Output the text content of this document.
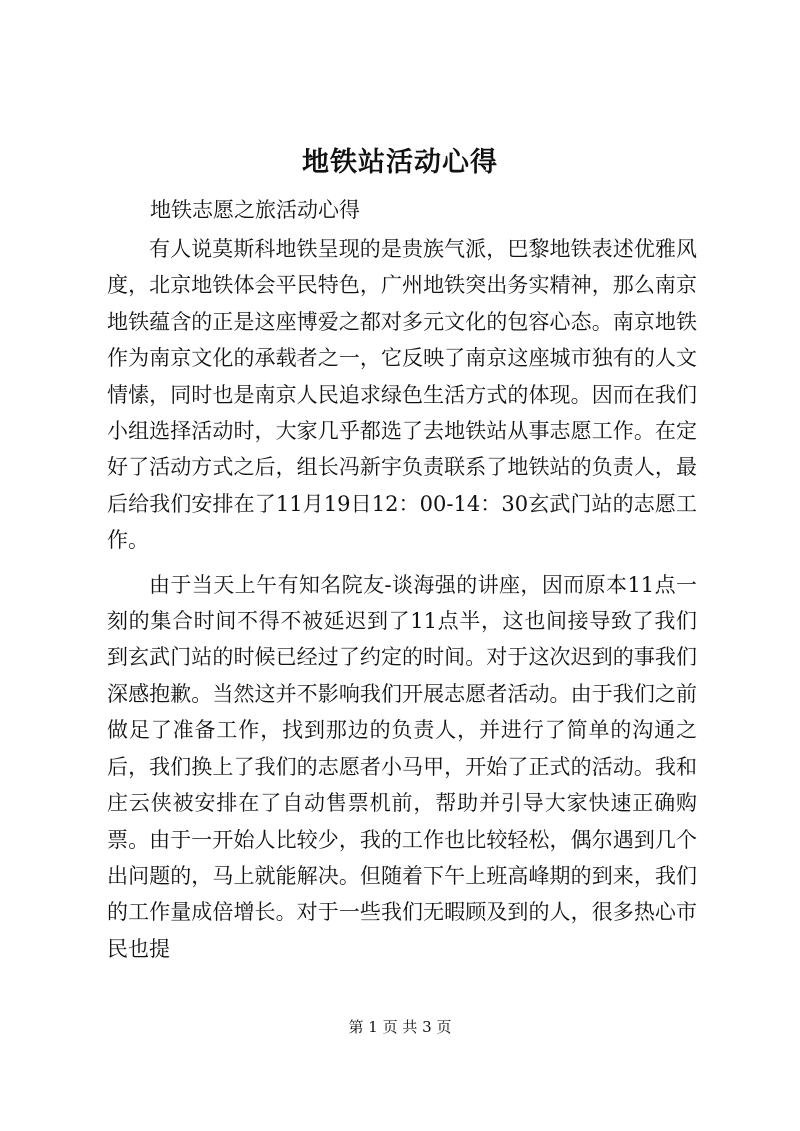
地铁站活动心得
地铁志愿之旅活动心得

有人说莫斯科地铁呈现的是贵族气派，巴黎地铁表述优雅风度，北京地铁体会平民特色，广州地铁突出务实精神，那么南京地铁蕴含的正是这座博爱之都对多元文化的包容心态。南京地铁作为南京文化的承载者之一，它反映了南京这座城市独有的人文情愫，同时也是南京人民追求绿色生活方式的体现。因而在我们小组选择活动时，大家几乎都选了去地铁站从事志愿工作。在定好了活动方式之后，组长冯新宇负责联系了地铁站的负责人，最后给我们安排在了11月19日12：00-14：30玄武门站的志愿工作。

由于当天上午有知名院友-谈海强的讲座，因而原本11点一刻的集合时间不得不被延迟到了11点半，这也间接导致了我们到玄武门站的时候已经过了约定的时间。对于这次迟到的事我们深感抱歉。当然这并不影响我们开展志愿者活动。由于我们之前做足了准备工作，找到那边的负责人，并进行了简单的沟通之后，我们换上了我们的志愿者小马甲，开始了正式的活动。我和庄云侠被安排在了自动售票机前，帮助并引导大家快速正确购票。由于一开始人比较少，我的工作也比较轻松，偶尔遇到几个出问题的，马上就能解决。但随着下午上班高峰期的到来，我们的工作量成倍增长。对于一些我们无暇顾及到的人，很多热心市民也提

第 1 页 共 3 页
